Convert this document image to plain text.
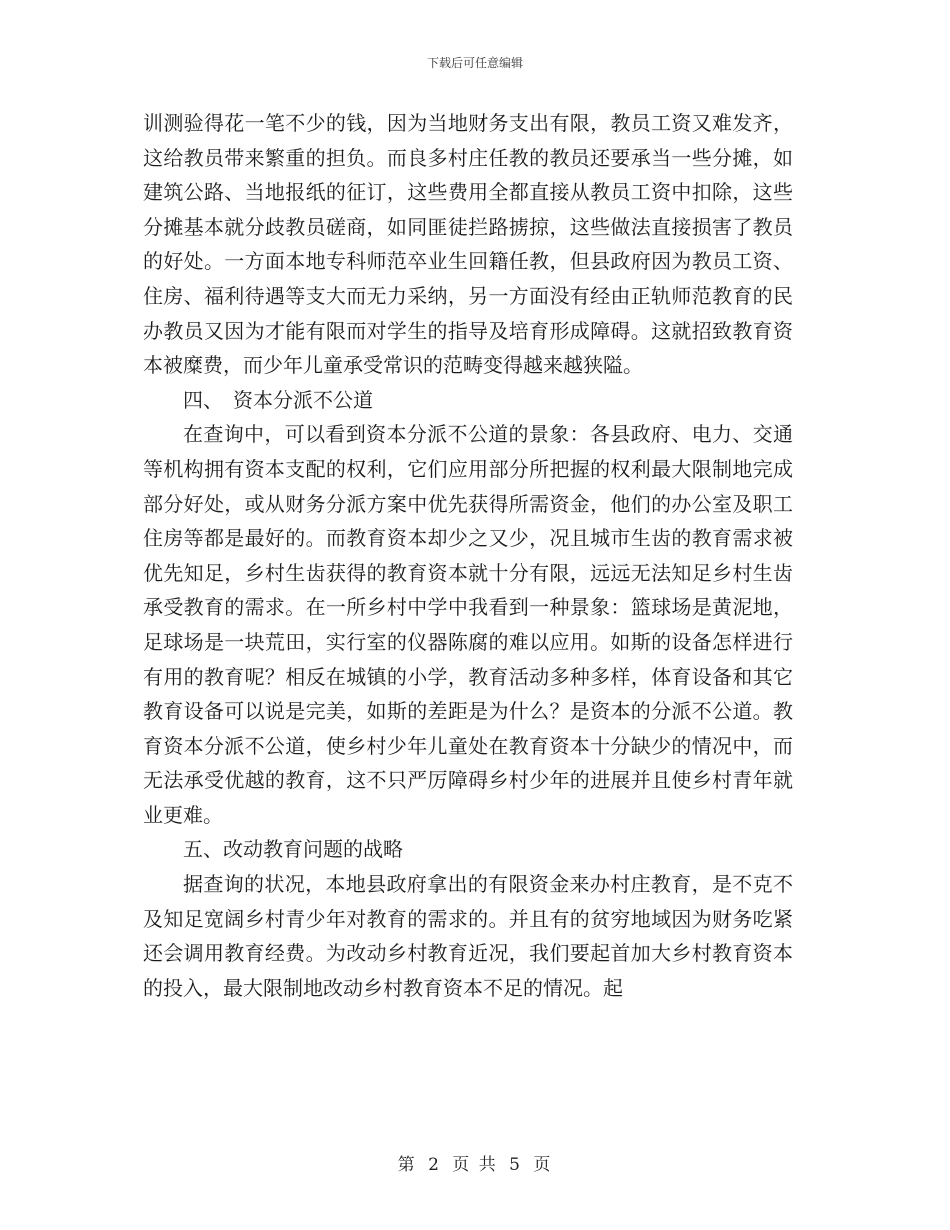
下载后可任意编辑

训测验得花一笔不少的钱，因为当地财务支出有限，教员工资又难发齐，这给教员带来繁重的担负。而良多村庄任教的教员还要承当一些分摊，如建筑公路、当地报纸的征订，这些费用全都直接从教员工资中扣除，这些分摊基本就分歧教员磋商，如同匪徒拦路掳掠，这些做法直接损害了教员的好处。一方面本地专科师范卒业生回籍任教，但县政府因为教员工资、住房、福利待遇等支大而无力采纳，另一方面没有经由正轨师范教育的民办教员又因为才能有限而对学生的指导及培育形成障碍。这就招致教育资本被糜费，而少年儿童承受常识的范畴变得越来越狭隘。

四、　资本分派不公道

在查询中，可以看到资本分派不公道的景象：各县政府、电力、交通等机构拥有资本支配的权利，它们应用部分所把握的权利最大限制地完成部分好处，或从财务分派方案中优先获得所需资金，他们的办公室及职工住房等都是最好的。而教育资本却少之又少，况且城市生齿的教育需求被优先知足，乡村生齿获得的教育资本就十分有限，远远无法知足乡村生齿承受教育的需求。在一所乡村中学中我看到一种景象：篮球场是黄泥地，足球场是一块荒田，实行室的仪器陈腐的难以应用。如斯的设备怎样进行有用的教育呢？相反在城镇的小学，教育活动多种多样，体育设备和其它教育设备可以说是完美，如斯的差距是为什么？是资本的分派不公道。教育资本分派不公道，使乡村少年儿童处在教育资本十分缺少的情况中，而无法承受优越的教育，这不只严厉障碍乡村少年的进展并且使乡村青年就业更难。

五、改动教育问题的战略

据查询的状况，本地县政府拿出的有限资金来办村庄教育，是不克不及知足宽阔乡村青少年对教育的需求的。并且有的贫穷地域因为财务吃紧还会调用教育经费。为改动乡村教育近况，我们要起首加大乡村教育资本的投入，最大限制地改动乡村教育资本不足的情况。起

第 2 页 共 5 页
